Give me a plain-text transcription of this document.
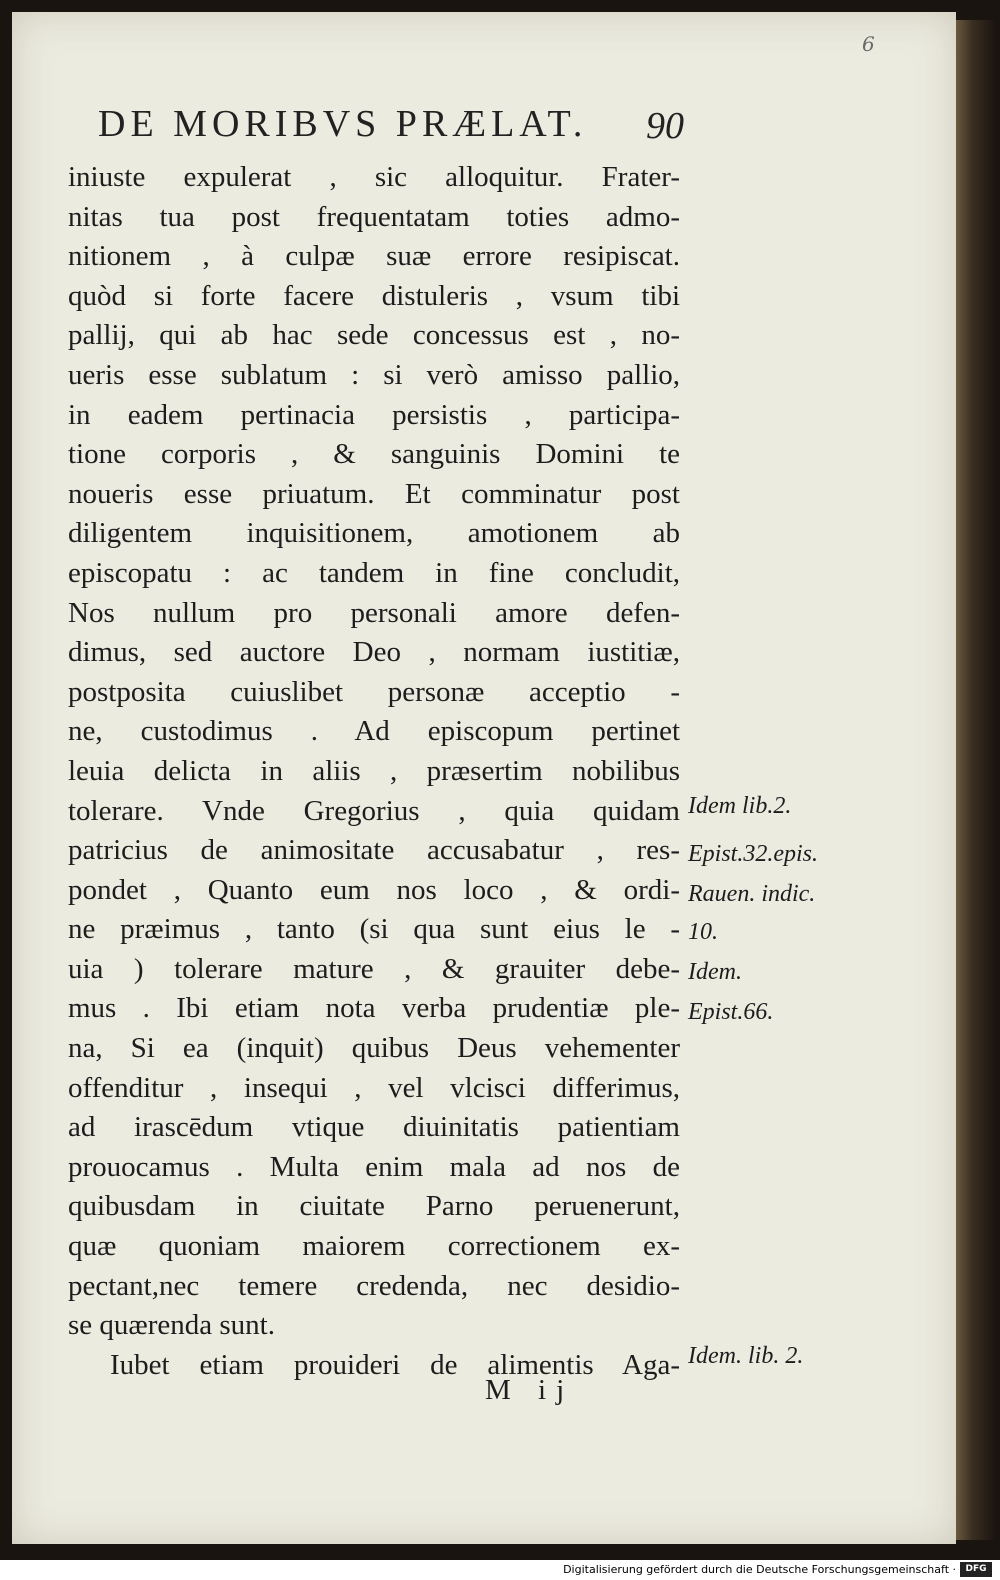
6
DE MORIBVS PRÆLAT. 90
iniuste expulerat , sic alloquitur. Frater-
nitas tua post frequentatam toties admo-
nitionem , à culpæ suæ errore resipiscat.
quòd si forte facere distuleris , vsum tibi
pallij, qui ab hac sede concessus est , no-
ueris esse sublatum : si verò amisso pallio,
in eadem pertinacia persistis , participa-
tione corporis , & sanguinis Domini te
noueris esse priuatum. Et comminatur post
diligentem inquisitionem, amotionem ab
episcopatu : ac tandem in fine concludit,
Nos nullum pro personali amore defen-
dimus, sed auctore Deo , normam iustitiæ,
postposita cuiuslibet personæ acceptio -
ne, custodimus . Ad episcopum pertinet
leuia delicta in aliis , præsertim nobilibus
tolerare. Vnde Gregorius , quia quidam
patricius de animositate accusabatur , res-
pondet , Quanto eum nos loco , & ordi-
ne præimus , tanto (si qua sunt eius le -
uia ) tolerare mature , & grauiter debe-
mus . Ibi etiam nota verba prudentiæ ple-
na, Si ea (inquit) quibus Deus vehementer
offenditur , insequi , vel vlcisci differimus,
ad irascēdum vtique diuinitatis patientiam
prouocamus . Multa enim mala ad nos de
quibusdam in ciuitate Parno peruenerunt,
quæ quoniam maiorem correctionem ex-
pectant,nec temere credenda, nec desidio-
se quærenda sunt.
Iubet etiam prouideri de alimentis Aga-
Idem lib.2.
Epist.32.epis.
Rauen. indic.
10.
Idem.
Epist.66.
Idem. lib. 2.
M ij
Digitalisierung gefördert durch die Deutsche Forschungsgemeinschaft ·	DFG
